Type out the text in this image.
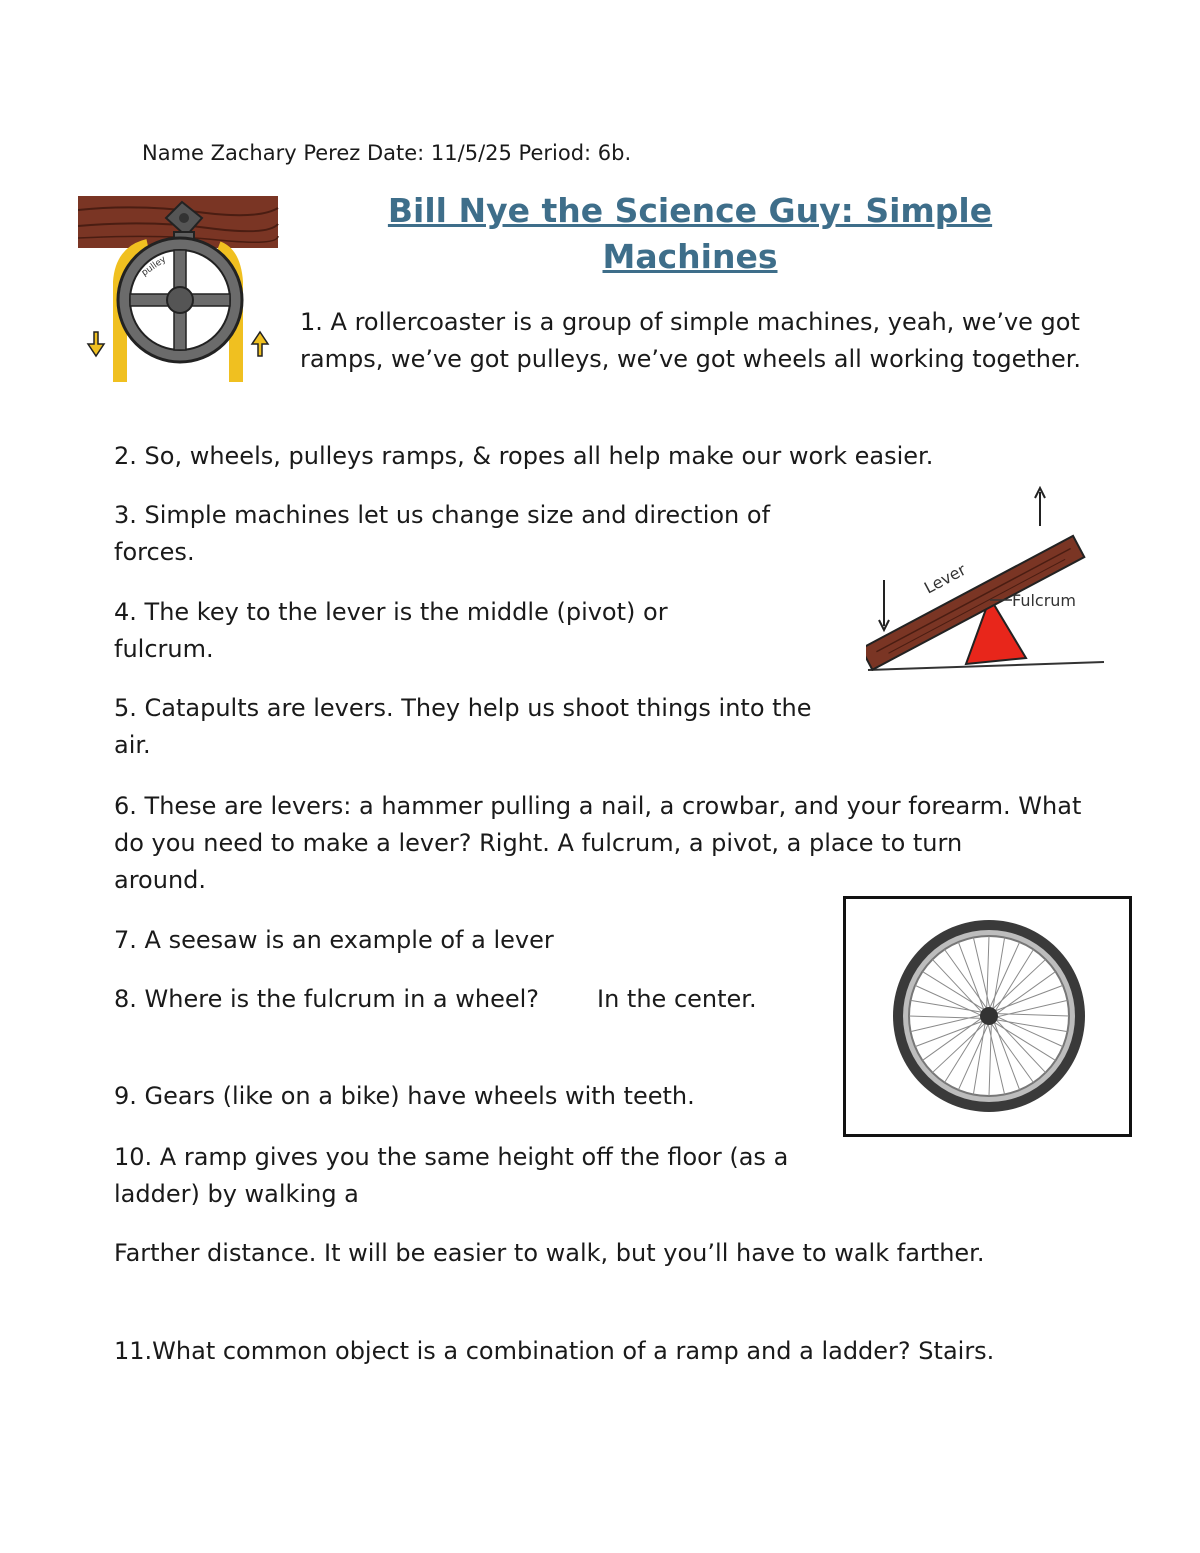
Name Zachary Perez Date: 11/5/25 Period: 6b.
Bill Nye the Science Guy: Simple Machines
pulley
1. A rollercoaster is a group of simple machines, yeah, we’ve got ramps, we’ve got pulleys, we’ve got wheels all working together.
2. So, wheels, pulleys ramps, & ropes all help make our work easier.
3. Simple machines let us change size and direction of forces.
Lever
Fulcrum
4. The key to the lever is the middle (pivot) or fulcrum.
5. Catapults are levers. They help us shoot things into the air.
6. These are levers: a hammer pulling a nail, a crowbar, and your forearm. What do you need to make a lever? Right. A fulcrum, a pivot, a place to turnaround.
7. A seesaw is an example of a lever
8. Where is the fulcrum in a wheel? In the center.
9. Gears (like on a bike) have wheels with teeth.
10. A ramp gives you the same height off the floor (as a ladder) by walking a
Farther distance. It will be easier to walk, but you’ll have to walk farther.
11.What common object is a combination of a ramp and a ladder? Stairs.
